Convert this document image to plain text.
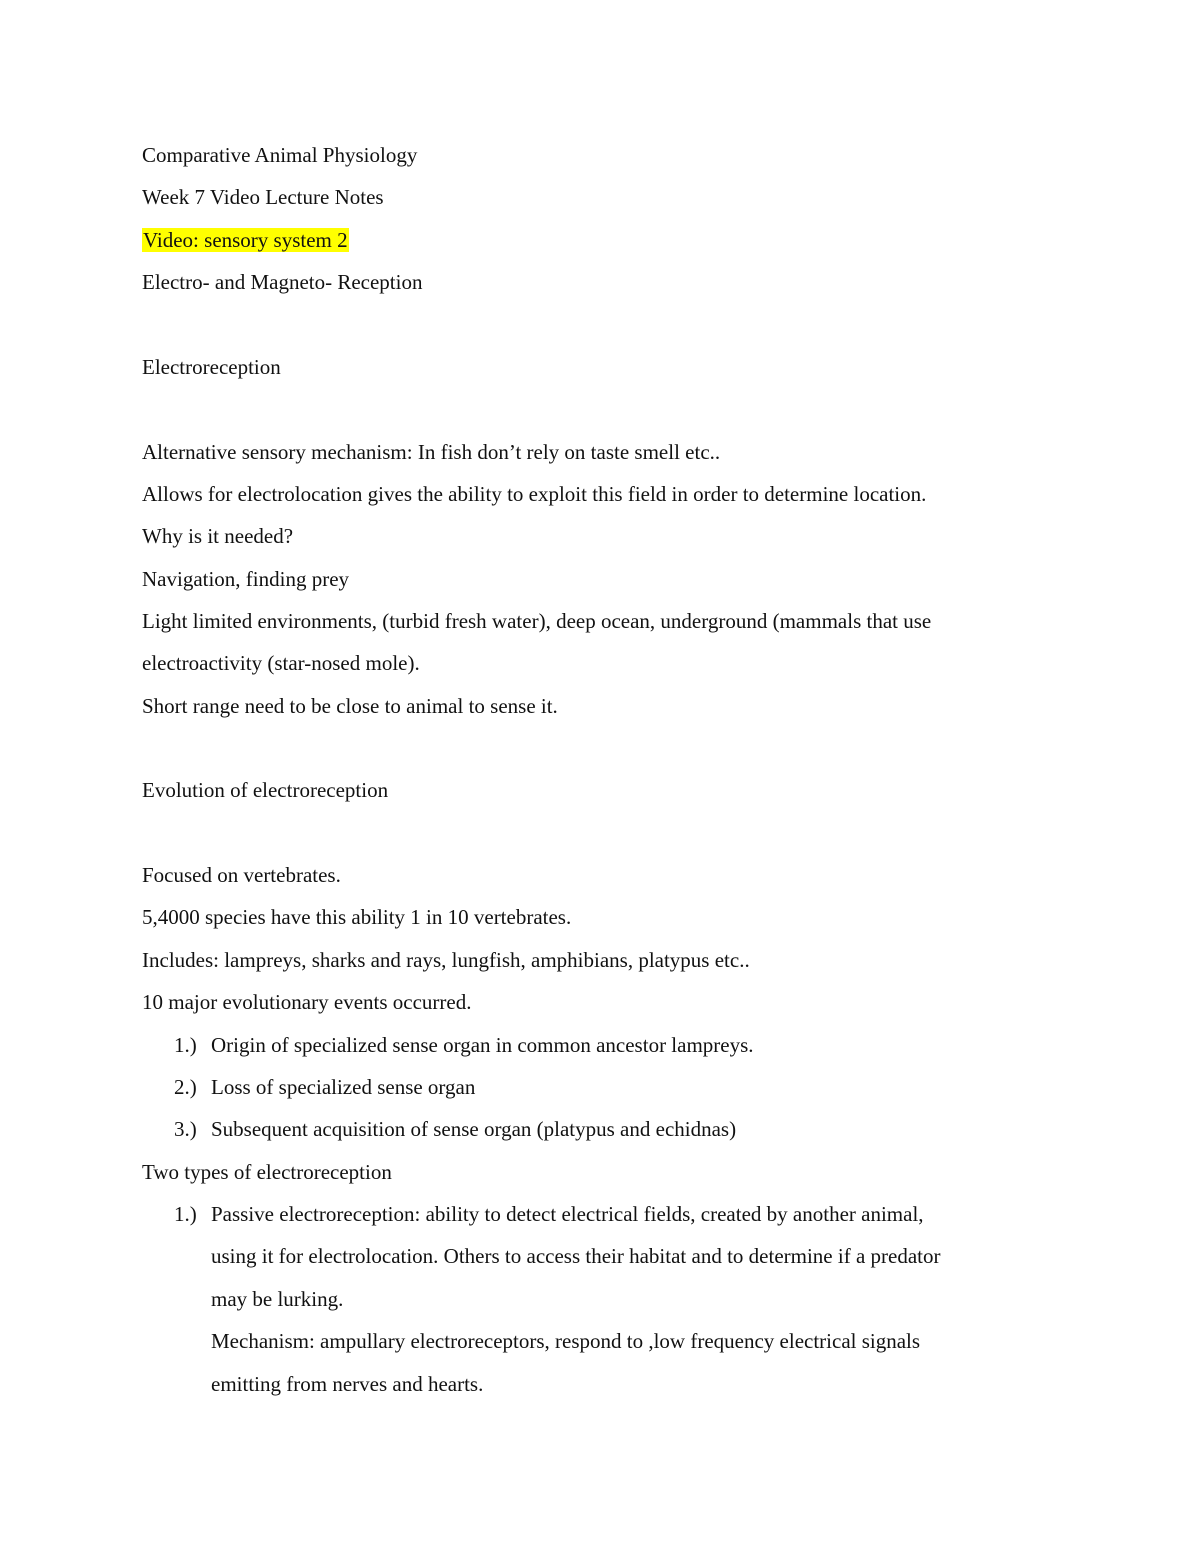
Comparative Animal Physiology
Week 7 Video Lecture Notes
Video: sensory system 2
Electro- and Magneto- Reception
Electroreception
Alternative sensory mechanism: In fish don’t rely on taste smell etc..
Allows for electrolocation gives the ability to exploit this field in order to determine location.
Why is it needed?
Navigation, finding prey
Light limited environments, (turbid fresh water), deep ocean, underground (mammals that use
electroactivity (star-nosed mole).
Short range need to be close to animal to sense it.
Evolution of electroreception
Focused on vertebrates.
5,4000 species have this ability 1 in 10 vertebrates.
Includes: lampreys, sharks and rays, lungfish, amphibians, platypus etc..
10 major evolutionary events occurred.
1.) Origin of specialized sense organ in common ancestor lampreys.
2.) Loss of specialized sense organ
3.) Subsequent acquisition of sense organ (platypus and echidnas)
Two types of electroreception
1.) Passive electroreception: ability to detect electrical fields, created by another animal,
using it for electrolocation. Others to access their habitat and to determine if a predator
may be lurking.
Mechanism: ampullary electroreceptors, respond to ,low frequency electrical signals
emitting from nerves and hearts.
